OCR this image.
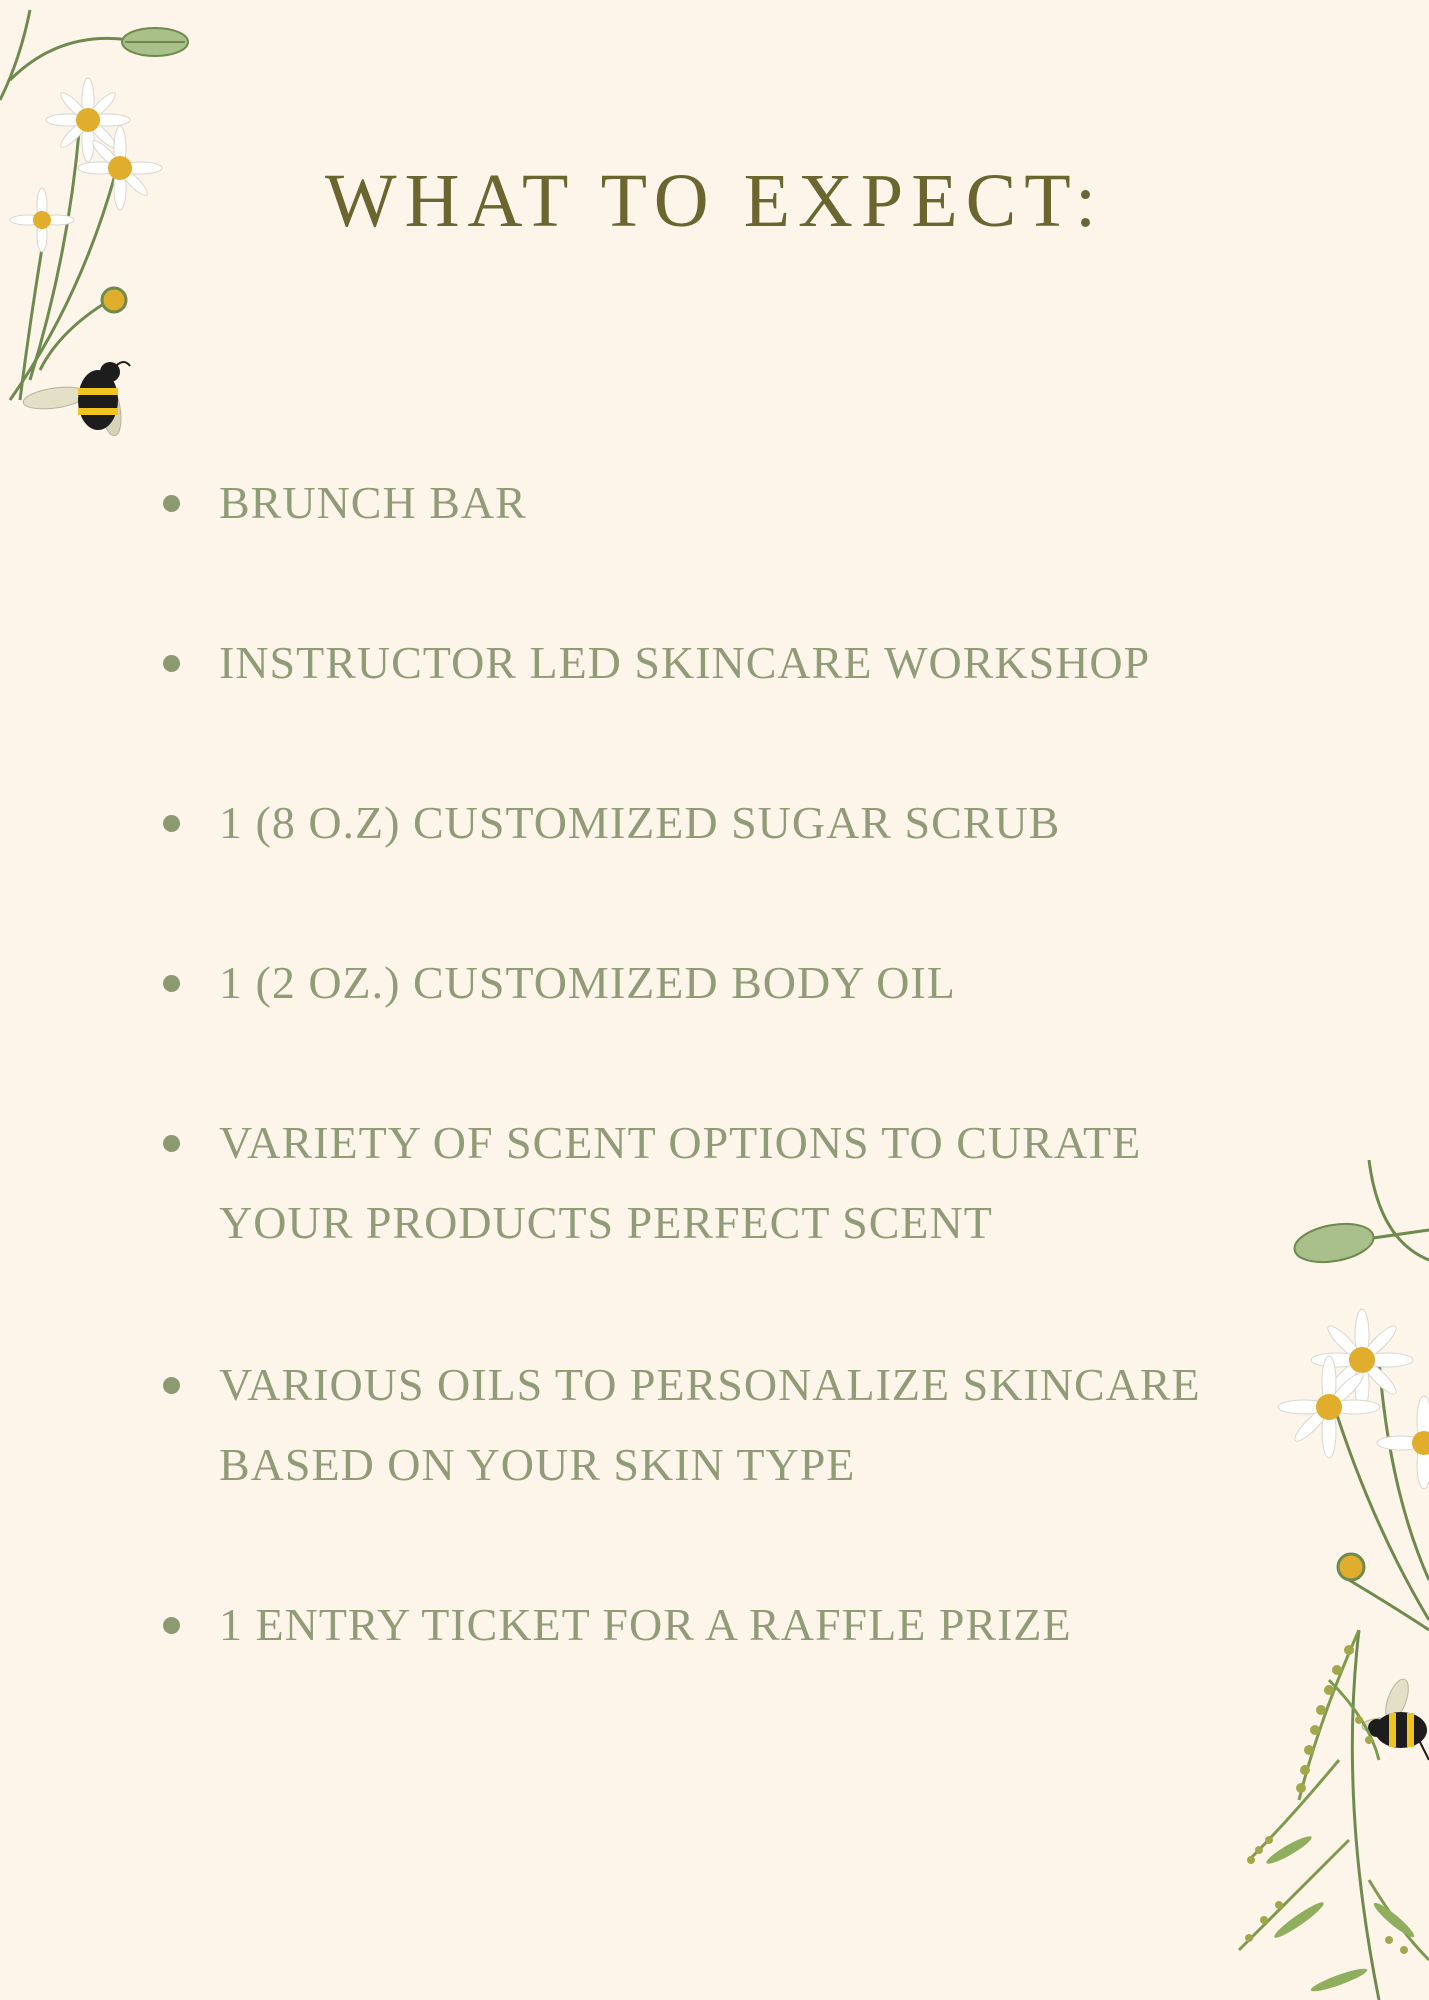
WHAT TO EXPECT:
BRUNCH BAR
INSTRUCTOR LED SKINCARE WORKSHOP
1 (8 O.Z) CUSTOMIZED SUGAR SCRUB
1 (2 OZ.) CUSTOMIZED BODY OIL
VARIETY OF SCENT OPTIONS TO CURATE
YOUR PRODUCTS PERFECT SCENT
VARIOUS OILS TO PERSONALIZE SKINCARE
BASED ON YOUR SKIN TYPE
1 ENTRY TICKET FOR A RAFFLE PRIZE
